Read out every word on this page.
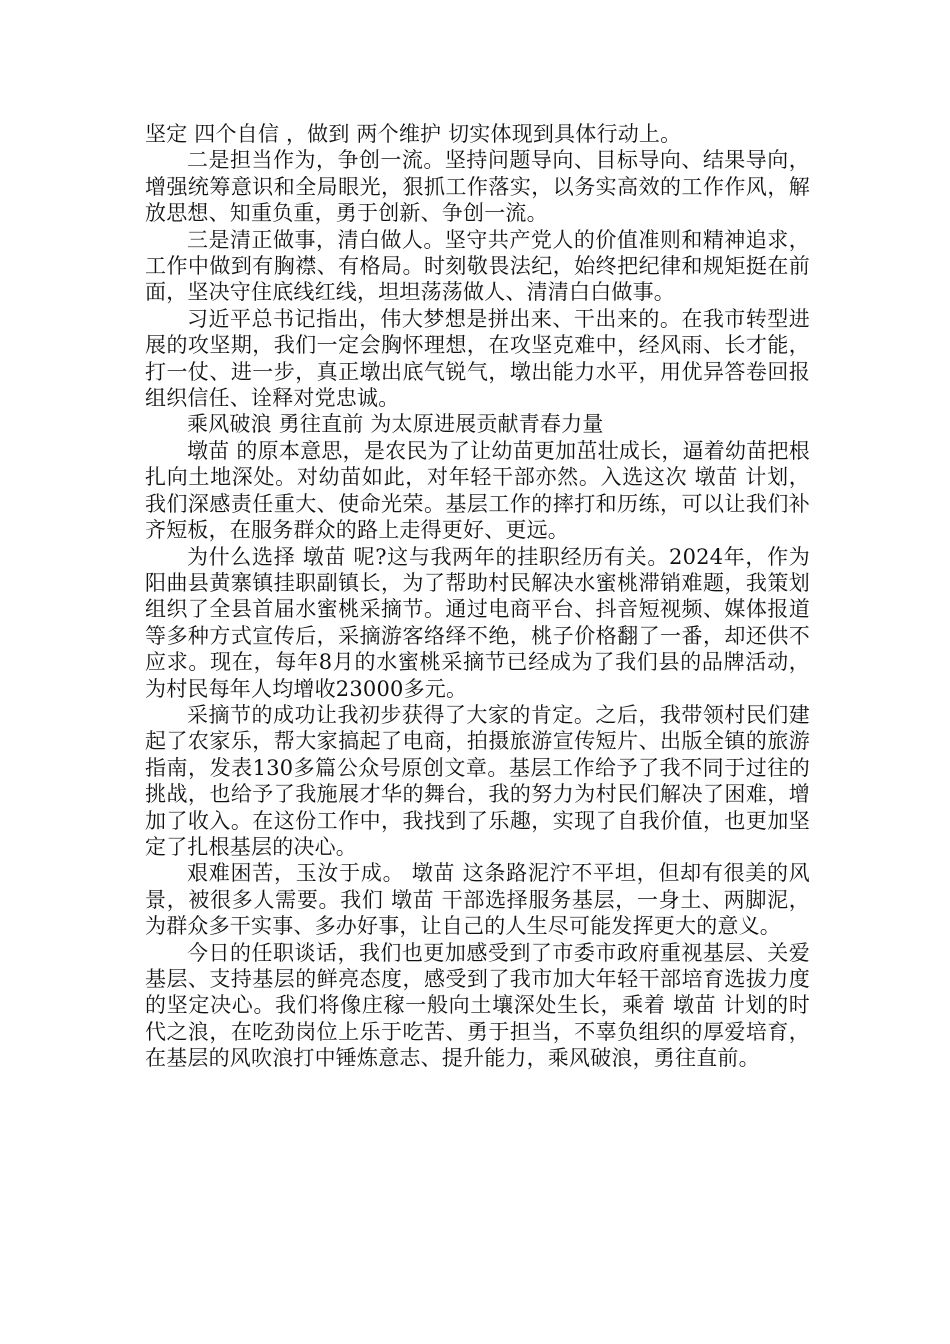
坚定 四个自信 ，做到 两个维护 切实体现到具体行动上。

二是担当作为，争创一流。坚持问题导向、目标导向、结果导向，增强统筹意识和全局眼光，狠抓工作落实，以务实高效的工作作风，解放思想、知重负重，勇于创新、争创一流。

三是清正做事，清白做人。坚守共产党人的价值准则和精神追求，工作中做到有胸襟、有格局。时刻敬畏法纪，始终把纪律和规矩挺在前面，坚决守住底线红线，坦坦荡荡做人、清清白白做事。

习近平总书记指出，伟大梦想是拼出来、干出来的。在我市转型进展的攻坚期，我们一定会胸怀理想，在攻坚克难中，经风雨、长才能，打一仗、进一步，真正墩出底气锐气，墩出能力水平，用优异答卷回报组织信任、诠释对党忠诚。

乘风破浪 勇往直前 为太原进展贡献青春力量

墩苗 的原本意思，是农民为了让幼苗更加茁壮成长，逼着幼苗把根扎向土地深处。对幼苗如此，对年轻干部亦然。入选这次 墩苗 计划，我们深感责任重大、使命光荣。基层工作的摔打和历练，可以让我们补齐短板，在服务群众的路上走得更好、更远。

为什么选择 墩苗 呢?这与我两年的挂职经历有关。2024年，作为阳曲县黄寨镇挂职副镇长，为了帮助村民解决水蜜桃滞销难题，我策划组织了全县首届水蜜桃采摘节。通过电商平台、抖音短视频、媒体报道等多种方式宣传后，采摘游客络绎不绝，桃子价格翻了一番，却还供不应求。现在，每年8月的水蜜桃采摘节已经成为了我们县的品牌活动，为村民每年人均增收23000多元。

采摘节的成功让我初步获得了大家的肯定。之后，我带领村民们建起了农家乐，帮大家搞起了电商，拍摄旅游宣传短片、出版全镇的旅游指南，发表130多篇公众号原创文章。基层工作给予了我不同于过往的挑战，也给予了我施展才华的舞台，我的努力为村民们解决了困难，增加了收入。在这份工作中，我找到了乐趣，实现了自我价值，也更加坚定了扎根基层的决心。

艰难困苦，玉汝于成。 墩苗 这条路泥泞不平坦，但却有很美的风景，被很多人需要。我们 墩苗 干部选择服务基层，一身土、两脚泥，为群众多干实事、多办好事，让自己的人生尽可能发挥更大的意义。

今日的任职谈话，我们也更加感受到了市委市政府重视基层、关爱基层、支持基层的鲜亮态度，感受到了我市加大年轻干部培育选拔力度的坚定决心。我们将像庄稼一般向土壤深处生长，乘着 墩苗 计划的时代之浪，在吃劲岗位上乐于吃苦、勇于担当，不辜负组织的厚爱培育，在基层的风吹浪打中锤炼意志、提升能力，乘风破浪，勇往直前。
